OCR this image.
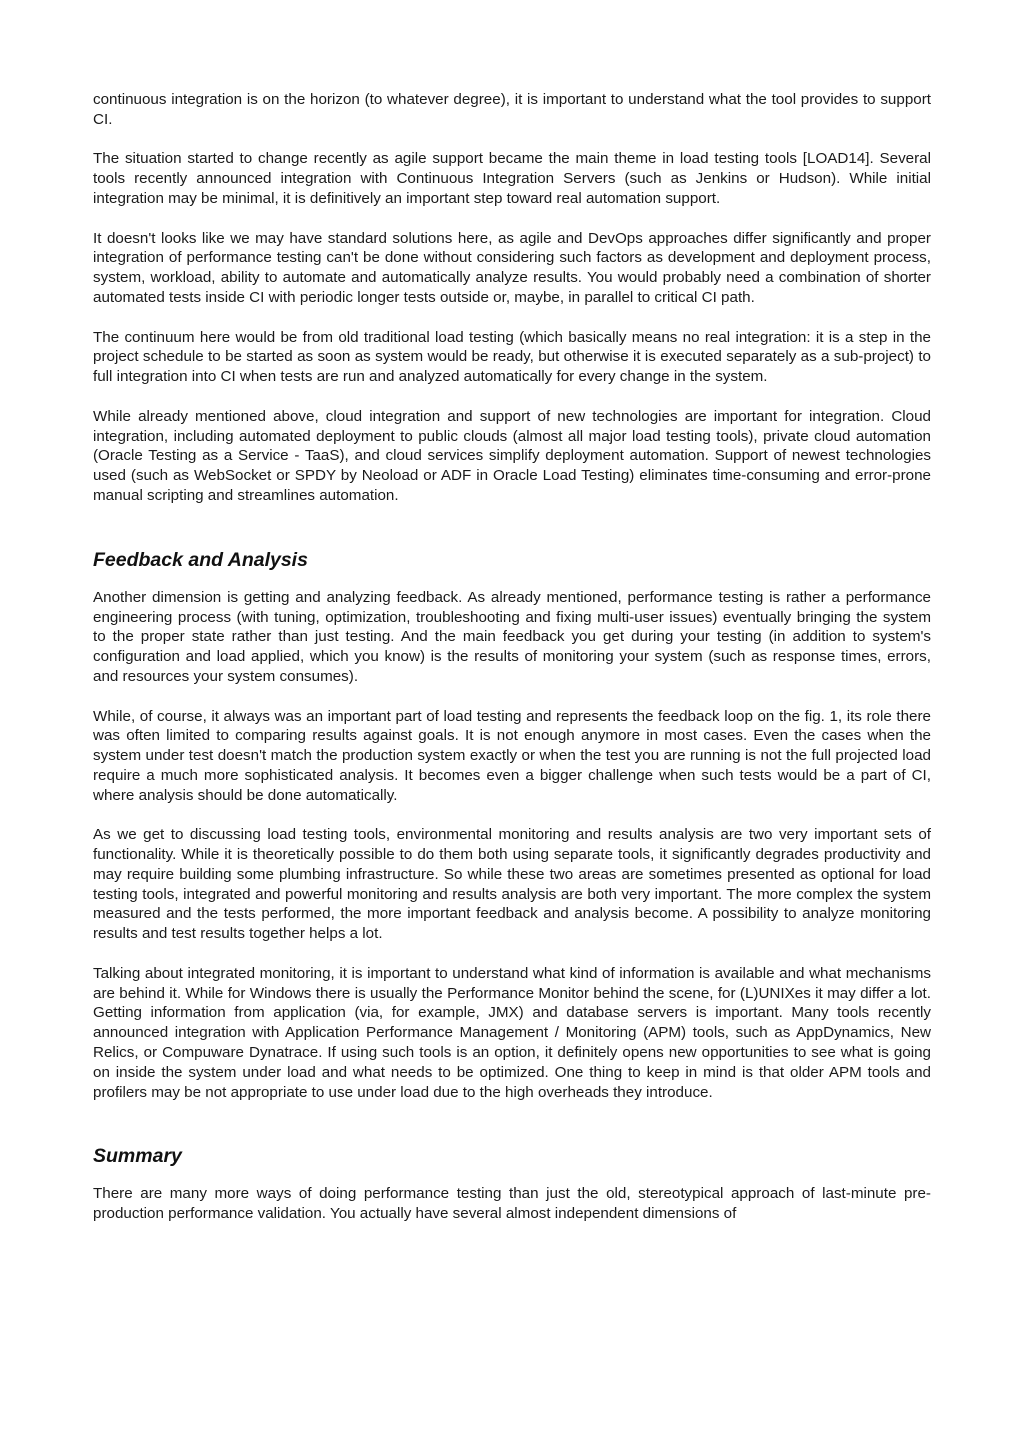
continuous integration is on the horizon (to whatever degree), it is important to understand what the tool provides to support CI.

The situation started to change recently as agile support became the main theme in load testing tools [LOAD14]. Several tools recently announced integration with Continuous Integration Servers (such as Jenkins or Hudson). While initial integration may be minimal, it is definitively an important step toward real automation support.

It doesn't looks like we may have standard solutions here, as agile and DevOps approaches differ significantly and proper integration of performance testing can't be done without considering such factors as development and deployment process, system, workload, ability to automate and automatically analyze results. You would probably need a combination of shorter automated tests inside CI with periodic longer tests outside or, maybe, in parallel to critical CI path.

The continuum here would be from old traditional load testing (which basically means no real integration: it is a step in the project schedule to be started as soon as system would be ready, but otherwise it is executed separately as a sub-project) to full integration into CI when tests are run and analyzed automatically for every change in the system.

While already mentioned above, cloud integration and support of new technologies are important for integration. Cloud integration, including automated deployment to public clouds (almost all major load testing tools), private cloud automation (Oracle Testing as a Service - TaaS), and cloud services simplify deployment automation. Support of newest technologies used (such as WebSocket or SPDY by Neoload or ADF in Oracle Load Testing) eliminates time-consuming and error-prone manual scripting and streamlines automation.

Feedback and Analysis

Another dimension is getting and analyzing feedback. As already mentioned, performance testing is rather a performance engineering process (with tuning, optimization, troubleshooting and fixing multi-user issues) eventually bringing the system to the proper state rather than just testing. And the main feedback you get during your testing (in addition to system's configuration and load applied, which you know) is the results of monitoring your system (such as response times, errors, and resources your system consumes).

While, of course, it always was an important part of load testing and represents the feedback loop on the fig. 1, its role there was often limited to comparing results against goals. It is not enough anymore in most cases. Even the cases when the system under test doesn't match the production system exactly or when the test you are running is not the full projected load require a much more sophisticated analysis. It becomes even a bigger challenge when such tests would be a part of CI, where analysis should be done automatically.

As we get to discussing load testing tools, environmental monitoring and results analysis are two very important sets of functionality. While it is theoretically possible to do them both using separate tools, it significantly degrades productivity and may require building some plumbing infrastructure. So while these two areas are sometimes presented as optional for load testing tools, integrated and powerful monitoring and results analysis are both very important. The more complex the system measured and the tests performed, the more important feedback and analysis become. A possibility to analyze monitoring results and test results together helps a lot.

Talking about integrated monitoring, it is important to understand what kind of information is available and what mechanisms are behind it. While for Windows there is usually the Performance Monitor behind the scene, for (L)UNIXes it may differ a lot. Getting information from application (via, for example, JMX) and database servers is important. Many tools recently announced integration with Application Performance Management / Monitoring (APM) tools, such as AppDynamics, New Relics, or Compuware Dynatrace. If using such tools is an option, it definitely opens new opportunities to see what is going on inside the system under load and what needs to be optimized. One thing to keep in mind is that older APM tools and profilers may be not appropriate to use under load due to the high overheads they introduce.

Summary

There are many more ways of doing performance testing than just the old, stereotypical approach of last-minute pre-production performance validation. You actually have several almost independent dimensions of
